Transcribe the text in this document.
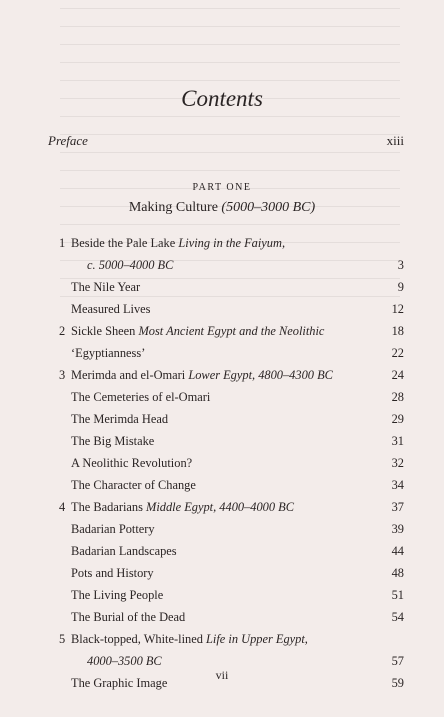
Contents
Preface	xiii
PART ONE
Making Culture (5000–3000 BC)
1 Beside the Pale Lake Living in the Faiyum,
c. 5000–4000 BC	3
The Nile Year	9
Measured Lives	12
2 Sickle Sheen Most Ancient Egypt and the Neolithic	18
‘Egyptianness’	22
3 Merimda and el-Omari Lower Egypt, 4800–4300 BC	24
The Cemeteries of el-Omari	28
The Merimda Head	29
The Big Mistake	31
A Neolithic Revolution?	32
The Character of Change	34
4 The Badarians Middle Egypt, 4400–4000 BC	37
Badarian Pottery	39
Badarian Landscapes	44
Pots and History	48
The Living People	51
The Burial of the Dead	54
5 Black-topped, White-lined Life in Upper Egypt,
4000–3500 BC	57
The Graphic Image	59
vii
